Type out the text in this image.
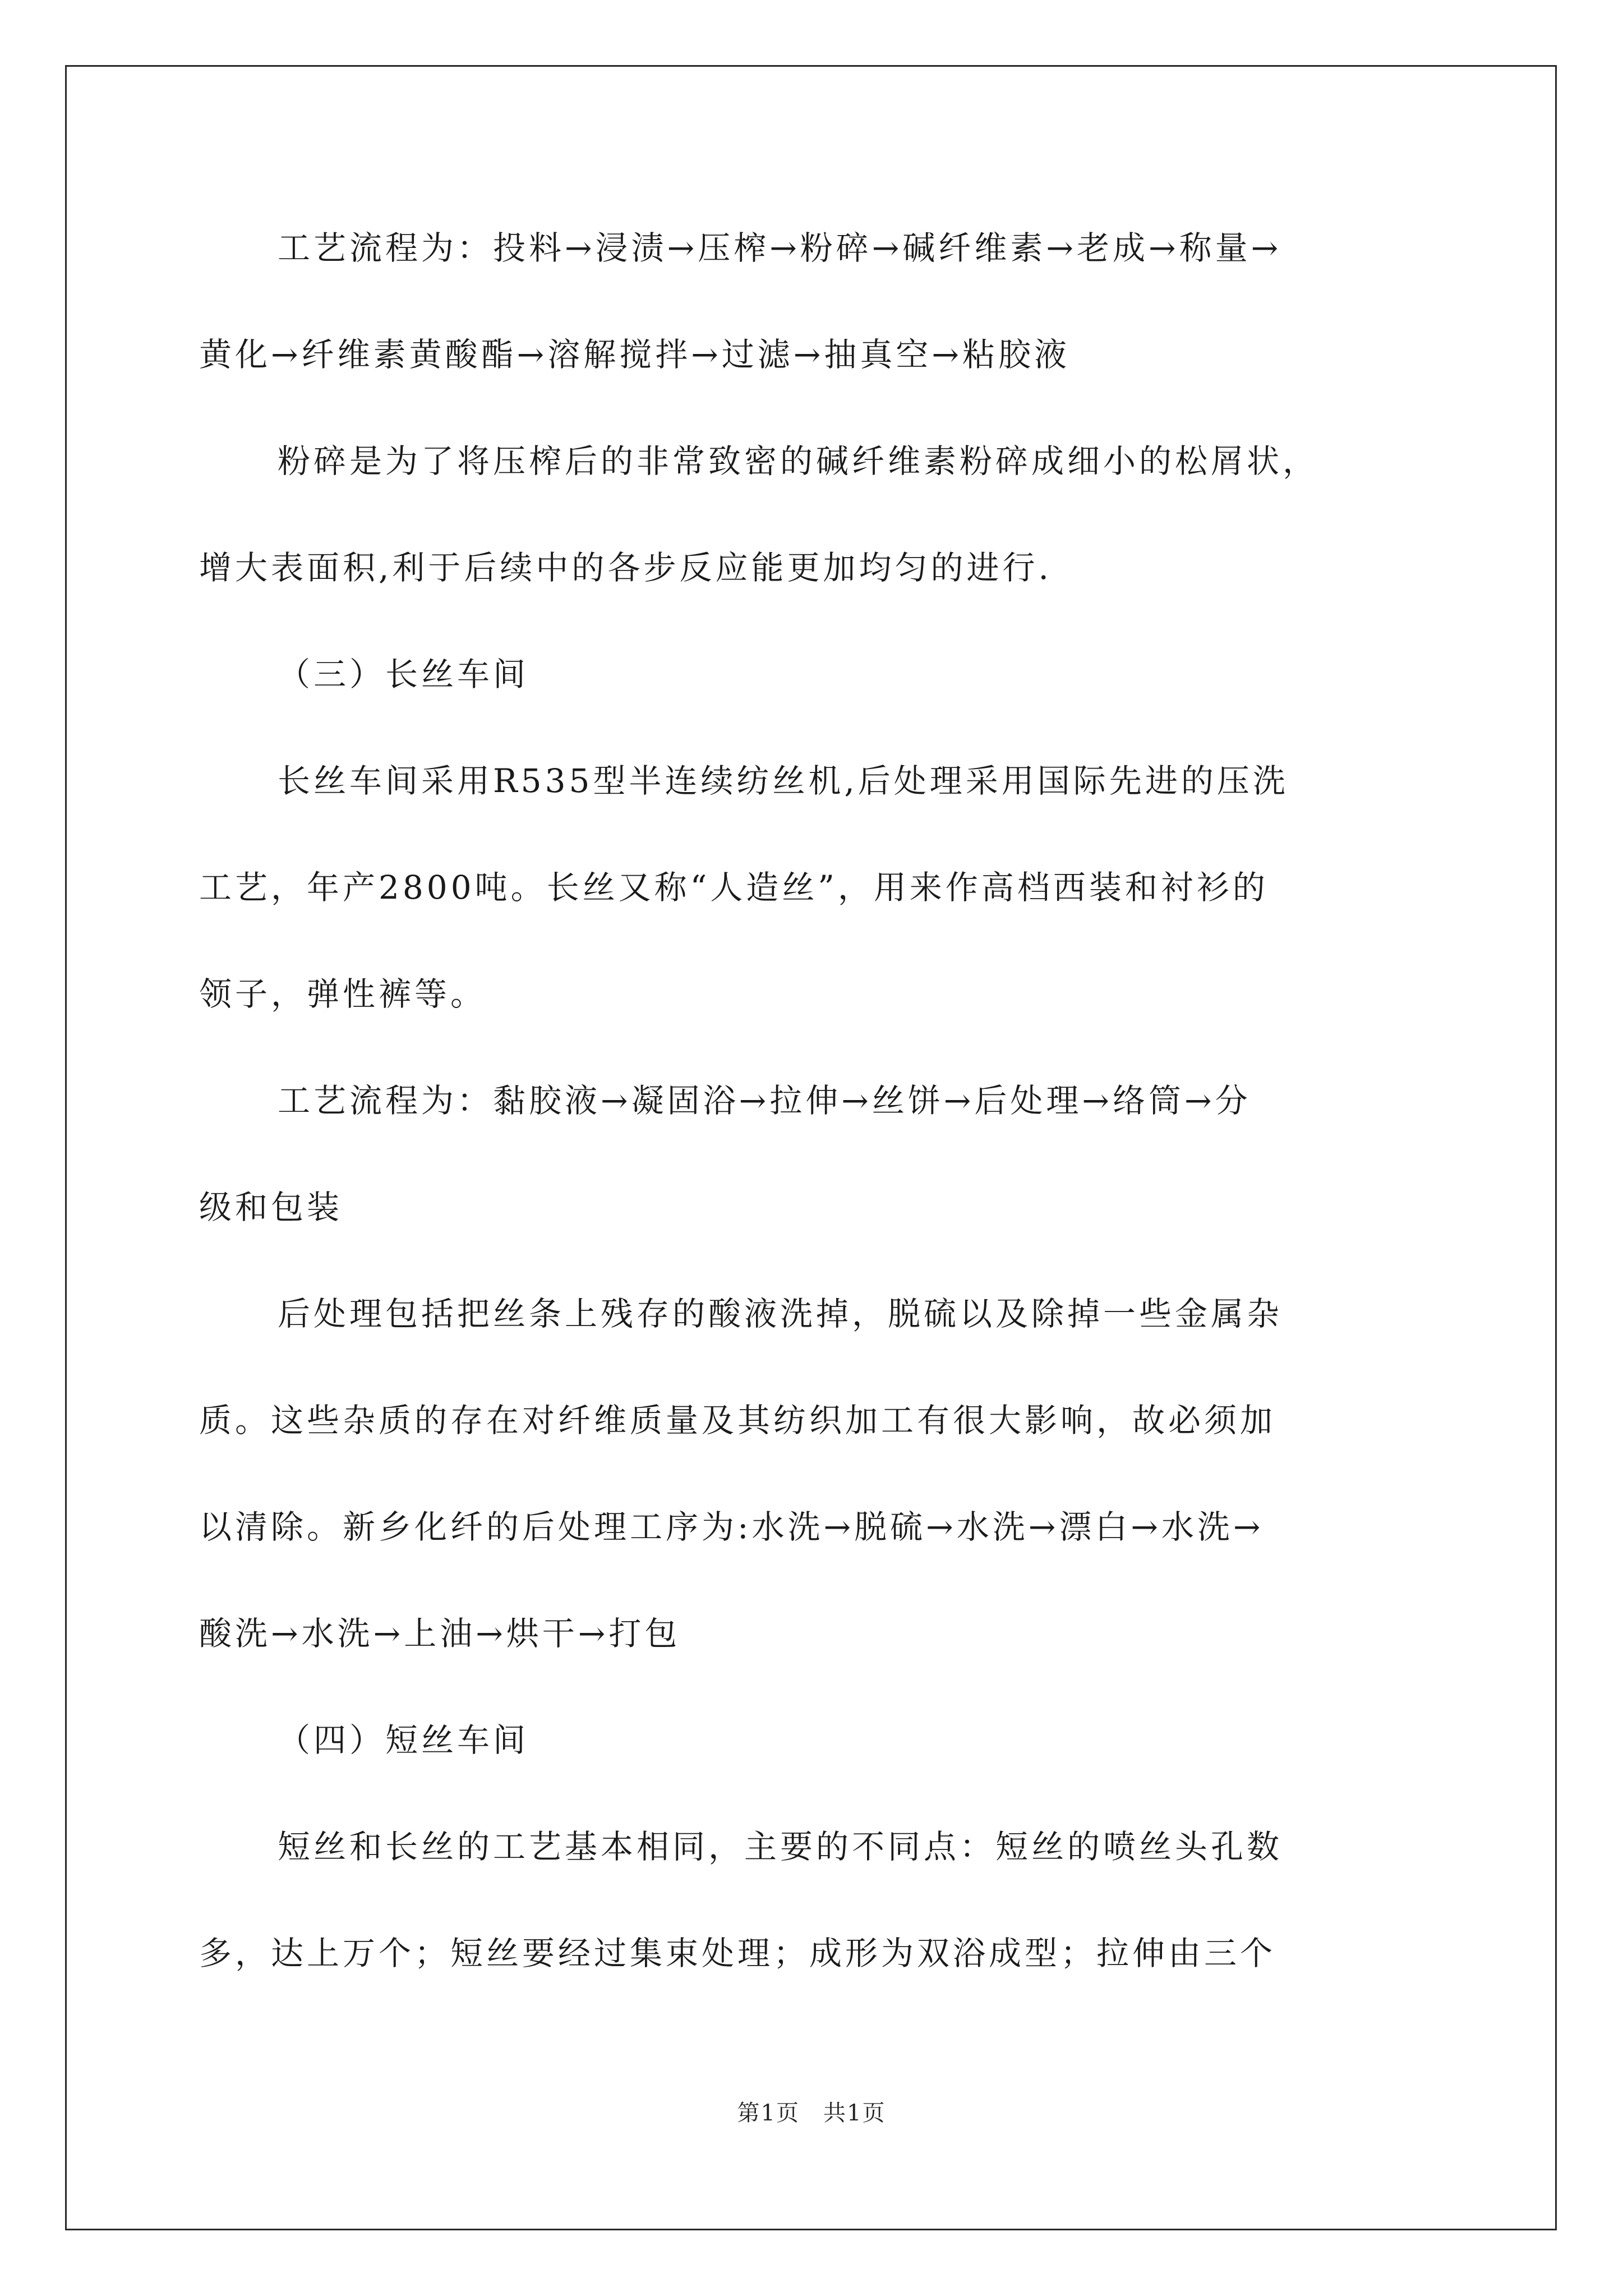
工艺流程为：投料→浸渍→压榨→粉碎→碱纤维素→老成→称量→
黄化→纤维素黄酸酯→溶解搅拌→过滤→抽真空→粘胶液
粉碎是为了将压榨后的非常致密的碱纤维素粉碎成细小的松屑状，
增大表面积,利于后续中的各步反应能更加均匀的进行.
（三）长丝车间
长丝车间采用R535型半连续纺丝机,后处理采用国际先进的压洗
工艺，年产2800吨。长丝又称“人造丝”，用来作高档西装和衬衫的
领子，弹性裤等。
工艺流程为：黏胶液→凝固浴→拉伸→丝饼→后处理→络筒→分
级和包装
后处理包括把丝条上残存的酸液洗掉，脱硫以及除掉一些金属杂
质。这些杂质的存在对纤维质量及其纺织加工有很大影响，故必须加
以清除。新乡化纤的后处理工序为:水洗→脱硫→水洗→漂白→水洗→
酸洗→水洗→上油→烘干→打包
（四）短丝车间
短丝和长丝的工艺基本相同，主要的不同点：短丝的喷丝头孔数
多，达上万个；短丝要经过集束处理；成形为双浴成型；拉伸由三个
第1页 共1页
